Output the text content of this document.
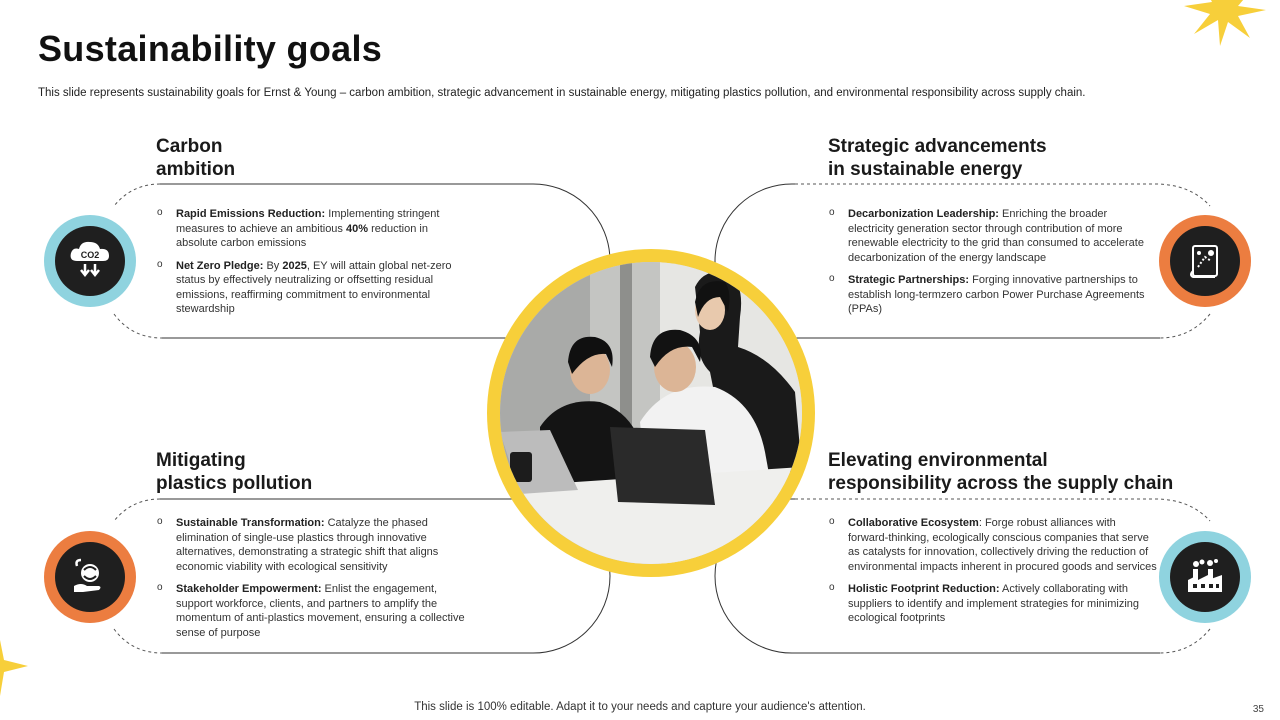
Sustainability goals
This slide represents sustainability goals for Ernst & Young – carbon ambition, strategic advancement in sustainable energy, mitigating plastics pollution, and environmental responsibility across supply chain.
Carbon
ambition
Strategic advancements
in sustainable energy
Mitigating
plastics pollution
Elevating environmental
responsibility across the supply chain
o Rapid Emissions Reduction: Implementing stringent measures to achieve an ambitious 40% reduction in absolute carbon emissions
o Net Zero Pledge: By 2025, EY will attain global net-zero status by effectively neutralizing or offsetting residual emissions, reaffirming commitment to environmental stewardship
o Decarbonization Leadership: Enriching the broader electricity generation sector through contribution of more renewable electricity to the grid than consumed to accelerate decarbonization of the energy landscape
o Strategic Partnerships: Forging innovative partnerships to establish long-termzero carbon Power Purchase Agreements (PPAs)
o Sustainable Transformation: Catalyze the phased elimination of single-use plastics through innovative alternatives, demonstrating a strategic shift that aligns economic viability with ecological sensitivity
o Stakeholder Empowerment: Enlist the engagement, support workforce, clients, and partners to amplify the momentum of anti-plastics movement, ensuring a collective sense of purpose
o Collaborative Ecosystem: Forge robust alliances with forward-thinking, ecologically conscious companies that serve as catalysts for innovation, collectively driving the reduction of environmental impacts inherent in procured goods and services
o Holistic Footprint Reduction: Actively collaborating with suppliers to identify and implement strategies for minimizing ecological footprints
CO2
This slide is 100% editable. Adapt it to your needs and capture your audience's attention.	35
